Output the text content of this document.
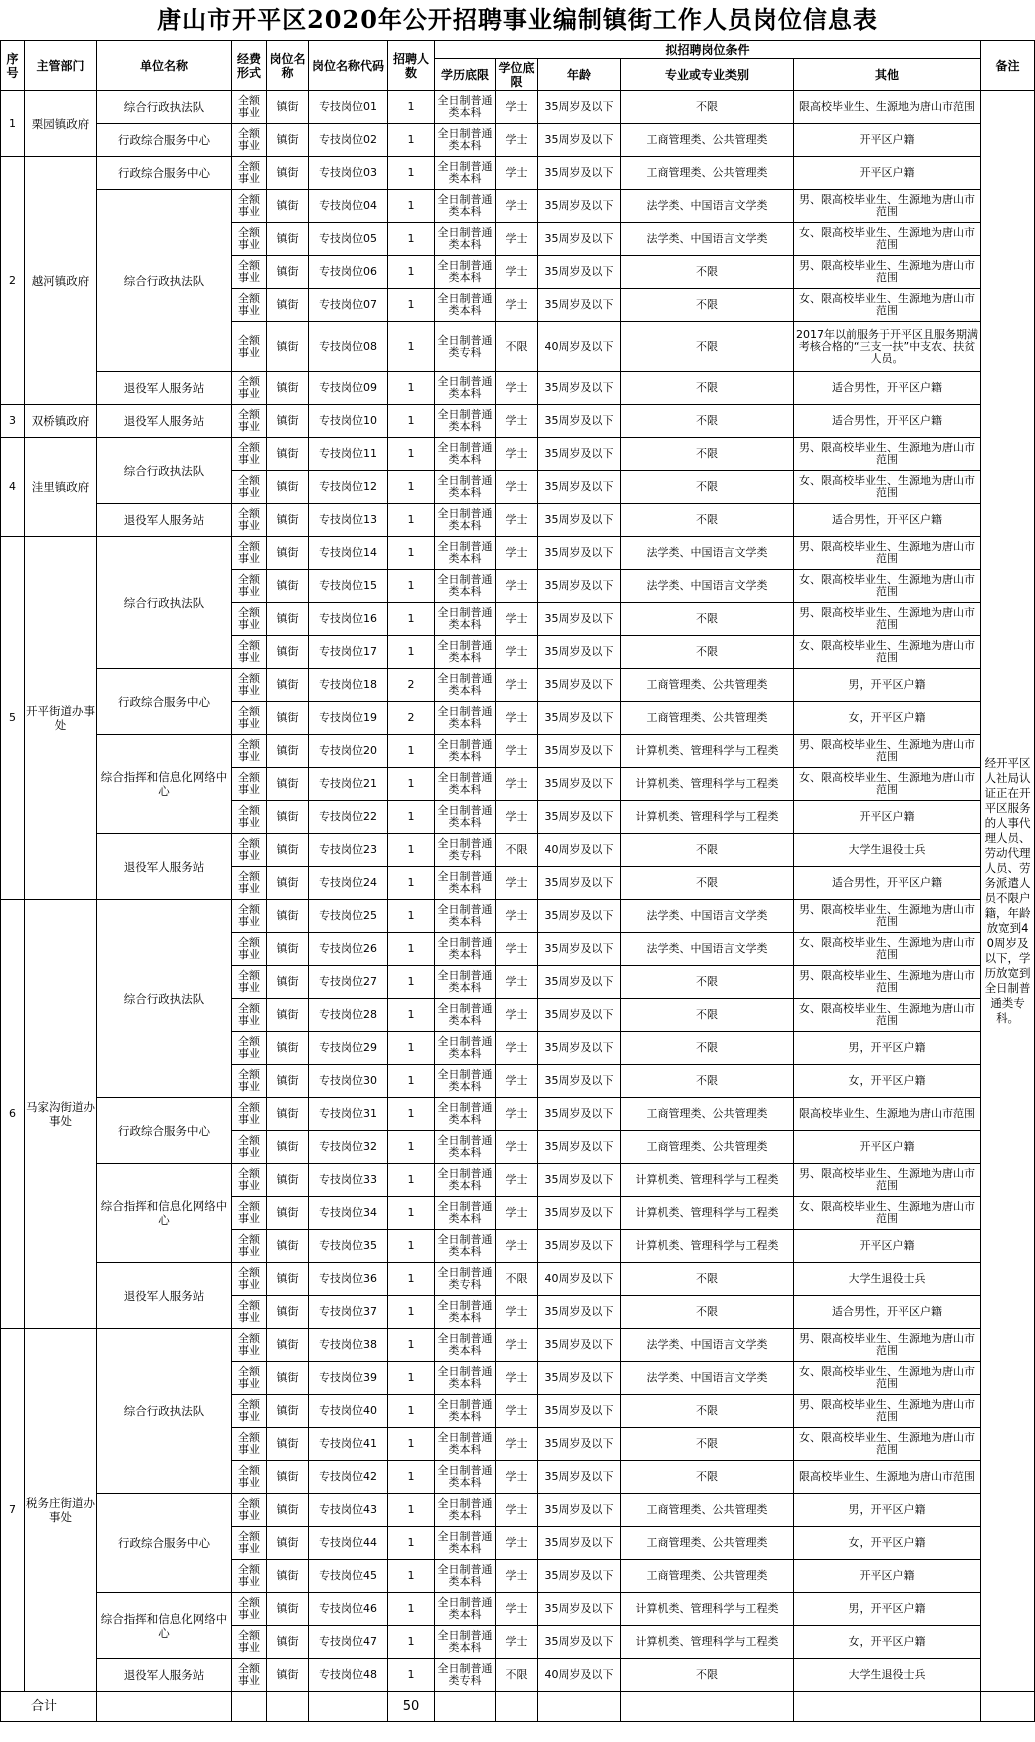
唐山市开平区2020年公开招聘事业编制镇街工作人员岗位信息表
序号	主管部门	单位名称	经费形式	岗位名称	岗位名称代码	招聘人数	拟招聘岗位条件					备注
							学历底限	学位底限	年龄	专业或专业类别	其他	
1	栗园镇政府	综合行政执法队	全额事业	镇街	专技岗位01	1	全日制普通类本科	学士	35周岁及以下	不限	限高校毕业生、生源地为唐山市范围	经开平区人社局认证正在开平区服务的人事代理人员、劳动代理人员、劳务派遣人员不限户籍，年龄放宽到40周岁及以下，学历放宽到全日制普通类专科。
		行政综合服务中心	全额事业	镇街	专技岗位02	1	全日制普通类本科	学士	35周岁及以下	工商管理类、公共管理类	开平区户籍	
2	越河镇政府	行政综合服务中心	全额事业	镇街	专技岗位03	1	全日制普通类本科	学士	35周岁及以下	工商管理类、公共管理类	开平区户籍	
		综合行政执法队	全额事业	镇街	专技岗位04	1	全日制普通类本科	学士	35周岁及以下	法学类、中国语言文学类	男、限高校毕业生、生源地为唐山市范围	
			全额事业	镇街	专技岗位05	1	全日制普通类本科	学士	35周岁及以下	法学类、中国语言文学类	女、限高校毕业生、生源地为唐山市范围	
			全额事业	镇街	专技岗位06	1	全日制普通类本科	学士	35周岁及以下	不限	男、限高校毕业生、生源地为唐山市范围	
			全额事业	镇街	专技岗位07	1	全日制普通类本科	学士	35周岁及以下	不限	女、限高校毕业生、生源地为唐山市范围	
			全额事业	镇街	专技岗位08	1	全日制普通类专科	不限	40周岁及以下	不限	2017年以前服务于开平区且服务期满考核合格的“三支一扶”中支农、扶贫人员。	
		退役军人服务站	全额事业	镇街	专技岗位09	1	全日制普通类本科	学士	35周岁及以下	不限	适合男性，开平区户籍	
3	双桥镇政府	退役军人服务站	全额事业	镇街	专技岗位10	1	全日制普通类本科	学士	35周岁及以下	不限	适合男性，开平区户籍	
4	洼里镇政府	综合行政执法队	全额事业	镇街	专技岗位11	1	全日制普通类本科	学士	35周岁及以下	不限	男、限高校毕业生、生源地为唐山市范围	
			全额事业	镇街	专技岗位12	1	全日制普通类本科	学士	35周岁及以下	不限	女、限高校毕业生、生源地为唐山市范围	
		退役军人服务站	全额事业	镇街	专技岗位13	1	全日制普通类本科	学士	35周岁及以下	不限	适合男性，开平区户籍	
5	开平街道办事处	综合行政执法队	全额事业	镇街	专技岗位14	1	全日制普通类本科	学士	35周岁及以下	法学类、中国语言文学类	男、限高校毕业生、生源地为唐山市范围	
			全额事业	镇街	专技岗位15	1	全日制普通类本科	学士	35周岁及以下	法学类、中国语言文学类	女、限高校毕业生、生源地为唐山市范围	
			全额事业	镇街	专技岗位16	1	全日制普通类本科	学士	35周岁及以下	不限	男、限高校毕业生、生源地为唐山市范围	
			全额事业	镇街	专技岗位17	1	全日制普通类本科	学士	35周岁及以下	不限	女、限高校毕业生、生源地为唐山市范围	
		行政综合服务中心	全额事业	镇街	专技岗位18	2	全日制普通类本科	学士	35周岁及以下	工商管理类、公共管理类	男，开平区户籍	
			全额事业	镇街	专技岗位19	2	全日制普通类本科	学士	35周岁及以下	工商管理类、公共管理类	女，开平区户籍	
		综合指挥和信息化网络中心	全额事业	镇街	专技岗位20	1	全日制普通类本科	学士	35周岁及以下	计算机类、管理科学与工程类	男、限高校毕业生、生源地为唐山市范围	
			全额事业	镇街	专技岗位21	1	全日制普通类本科	学士	35周岁及以下	计算机类、管理科学与工程类	女、限高校毕业生、生源地为唐山市范围	
			全额事业	镇街	专技岗位22	1	全日制普通类本科	学士	35周岁及以下	计算机类、管理科学与工程类	开平区户籍	
		退役军人服务站	全额事业	镇街	专技岗位23	1	全日制普通类专科	不限	40周岁及以下	不限	大学生退役士兵	
			全额事业	镇街	专技岗位24	1	全日制普通类本科	学士	35周岁及以下	不限	适合男性，开平区户籍	
6	马家沟街道办事处	综合行政执法队	全额事业	镇街	专技岗位25	1	全日制普通类本科	学士	35周岁及以下	法学类、中国语言文学类	男、限高校毕业生、生源地为唐山市范围	
			全额事业	镇街	专技岗位26	1	全日制普通类本科	学士	35周岁及以下	法学类、中国语言文学类	女、限高校毕业生、生源地为唐山市范围	
			全额事业	镇街	专技岗位27	1	全日制普通类本科	学士	35周岁及以下	不限	男、限高校毕业生、生源地为唐山市范围	
			全额事业	镇街	专技岗位28	1	全日制普通类本科	学士	35周岁及以下	不限	女、限高校毕业生、生源地为唐山市范围	
			全额事业	镇街	专技岗位29	1	全日制普通类本科	学士	35周岁及以下	不限	男，开平区户籍	
			全额事业	镇街	专技岗位30	1	全日制普通类本科	学士	35周岁及以下	不限	女，开平区户籍	
		行政综合服务中心	全额事业	镇街	专技岗位31	1	全日制普通类本科	学士	35周岁及以下	工商管理类、公共管理类	限高校毕业生、生源地为唐山市范围	
			全额事业	镇街	专技岗位32	1	全日制普通类本科	学士	35周岁及以下	工商管理类、公共管理类	开平区户籍	
		综合指挥和信息化网络中心	全额事业	镇街	专技岗位33	1	全日制普通类本科	学士	35周岁及以下	计算机类、管理科学与工程类	男、限高校毕业生、生源地为唐山市范围	
			全额事业	镇街	专技岗位34	1	全日制普通类本科	学士	35周岁及以下	计算机类、管理科学与工程类	女、限高校毕业生、生源地为唐山市范围	
			全额事业	镇街	专技岗位35	1	全日制普通类本科	学士	35周岁及以下	计算机类、管理科学与工程类	开平区户籍	
		退役军人服务站	全额事业	镇街	专技岗位36	1	全日制普通类专科	不限	40周岁及以下	不限	大学生退役士兵	
			全额事业	镇街	专技岗位37	1	全日制普通类本科	学士	35周岁及以下	不限	适合男性，开平区户籍	
7	税务庄街道办事处	综合行政执法队	全额事业	镇街	专技岗位38	1	全日制普通类本科	学士	35周岁及以下	法学类、中国语言文学类	男、限高校毕业生、生源地为唐山市范围	
			全额事业	镇街	专技岗位39	1	全日制普通类本科	学士	35周岁及以下	法学类、中国语言文学类	女、限高校毕业生、生源地为唐山市范围	
			全额事业	镇街	专技岗位40	1	全日制普通类本科	学士	35周岁及以下	不限	男、限高校毕业生、生源地为唐山市范围	
			全额事业	镇街	专技岗位41	1	全日制普通类本科	学士	35周岁及以下	不限	女、限高校毕业生、生源地为唐山市范围	
			全额事业	镇街	专技岗位42	1	全日制普通类本科	学士	35周岁及以下	不限	限高校毕业生、生源地为唐山市范围	
		行政综合服务中心	全额事业	镇街	专技岗位43	1	全日制普通类本科	学士	35周岁及以下	工商管理类、公共管理类	男，开平区户籍	
			全额事业	镇街	专技岗位44	1	全日制普通类本科	学士	35周岁及以下	工商管理类、公共管理类	女，开平区户籍	
			全额事业	镇街	专技岗位45	1	全日制普通类本科	学士	35周岁及以下	工商管理类、公共管理类	开平区户籍	
		综合指挥和信息化网络中心	全额事业	镇街	专技岗位46	1	全日制普通类本科	学士	35周岁及以下	计算机类、管理科学与工程类	男，开平区户籍	
			全额事业	镇街	专技岗位47	1	全日制普通类本科	学士	35周岁及以下	计算机类、管理科学与工程类	女，开平区户籍	
		退役军人服务站	全额事业	镇街	专技岗位48	1	全日制普通类专科	不限	40周岁及以下	不限	大学生退役士兵	
合计						50						
